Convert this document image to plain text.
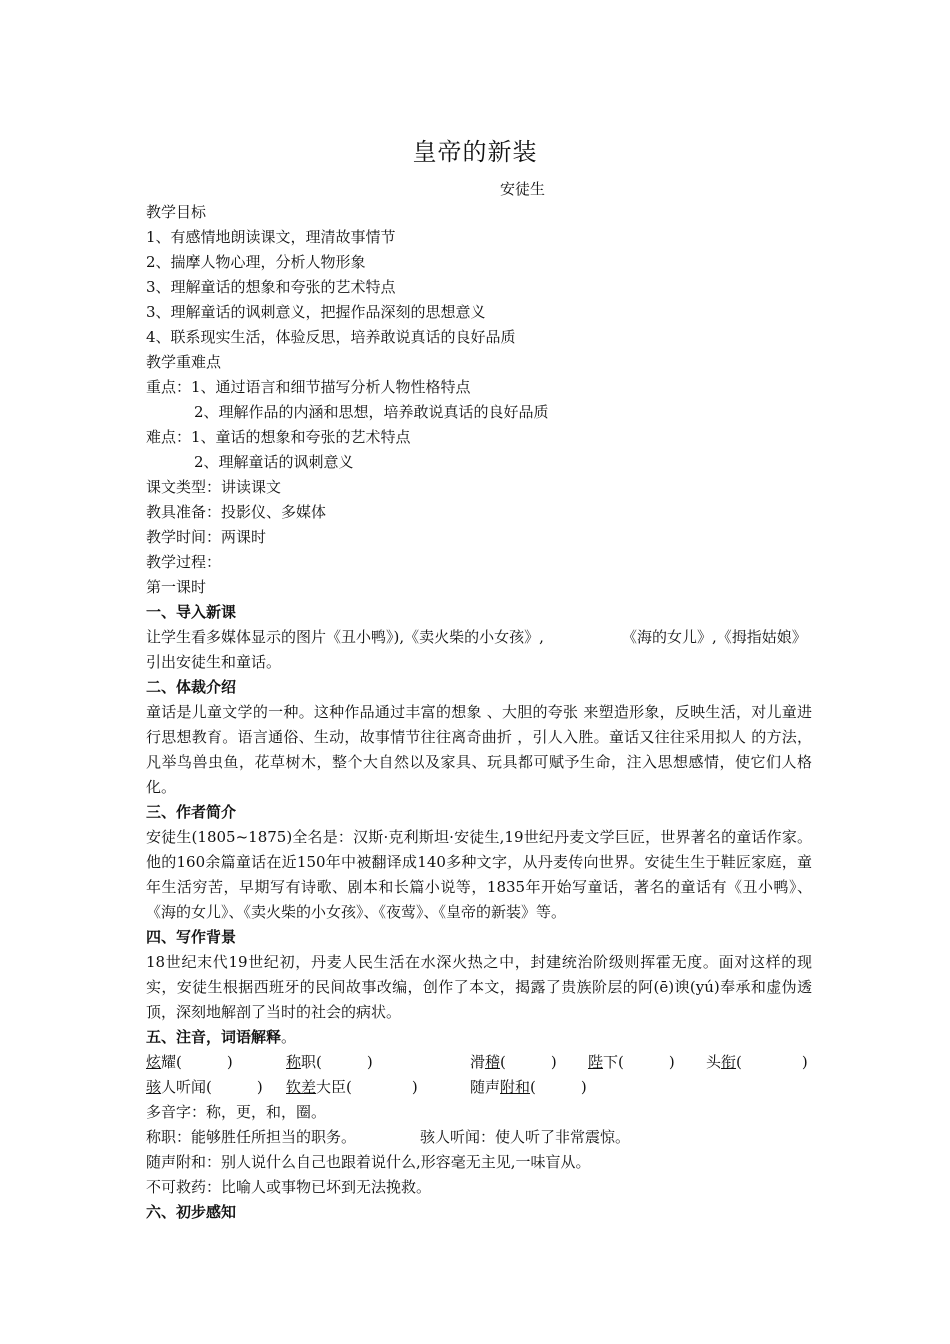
皇帝的新装
安徒生
教学目标
1、有感情地朗读课文，理清故事情节
2、揣摩人物心理，分析人物形象
3、理解童话的想象和夸张的艺术特点
3、理解童话的讽刺意义，把握作品深刻的思想意义
4、联系现实生活，体验反思，培养敢说真话的良好品质
教学重难点
重点：1、通过语言和细节描写分析人物性格特点
2、理解作品的内涵和思想，培养敢说真话的良好品质
难点：1、童话的想象和夸张的艺术特点
2、理解童话的讽刺意义
课文类型：讲读课文
教具准备：投影仪、多媒体
教学时间：两课时
教学过程：
第一课时
一、导入新课
让学生看多媒体显示的图片《丑小鸭》),《卖火柴的小女孩》,	《海的女儿》,《拇指姑娘》
引出安徒生和童话。
二、体裁介绍
童话是儿童文学的一种。这种作品通过丰富的想象 、大胆的夸张 来塑造形象，反映生活，对儿童进行思想教育。语言通俗、生动，故事情节往往离奇曲折 ，引人入胜。童话又往往采用拟人 的方法，凡举鸟兽虫鱼，花草树木，整个大自然以及家具、玩具都可赋予生命，注入思想感情，使它们人格化。
三、作者简介
安徒生(1805~1875)全名是：汉斯·克利斯坦·安徒生,19世纪丹麦文学巨匠，世界著名的童话作家。他的160余篇童话在近150年中被翻译成140多种文字，从丹麦传向世界。安徒生生于鞋匠家庭，童年生活穷苦，早期写有诗歌、剧本和长篇小说等，1835年开始写童话，著名的童话有《丑小鸭》、《海的女儿》、《卖火柴的小女孩》、《夜莺》、《皇帝的新装》等。
四、写作背景
18世纪末代19世纪初，丹麦人民生活在水深火热之中，封建统治阶级则挥霍无度。面对这样的现实，安徒生根据西班牙的民间故事改编，创作了本文，揭露了贵族阶层的阿(ē)谀(yú)奉承和虚伪透顶，深刻地解剖了当时的社会的病状。
五、注音，词语解释。
炫耀(　　　)	称职(　　　)	滑稽(　　　) 陛下(　　　) 头衔(　　　　)
骇人听闻(　　　) 钦差大臣(　　　　)	随声附和(　　　)
多音字：称，更，和，圈。
称职：能够胜任所担当的职务。	骇人听闻：使人听了非常震惊。
随声附和：别人说什么自己也跟着说什么,形容毫无主见,一味盲从。
不可救药：比喻人或事物已坏到无法挽救。
六、初步感知
